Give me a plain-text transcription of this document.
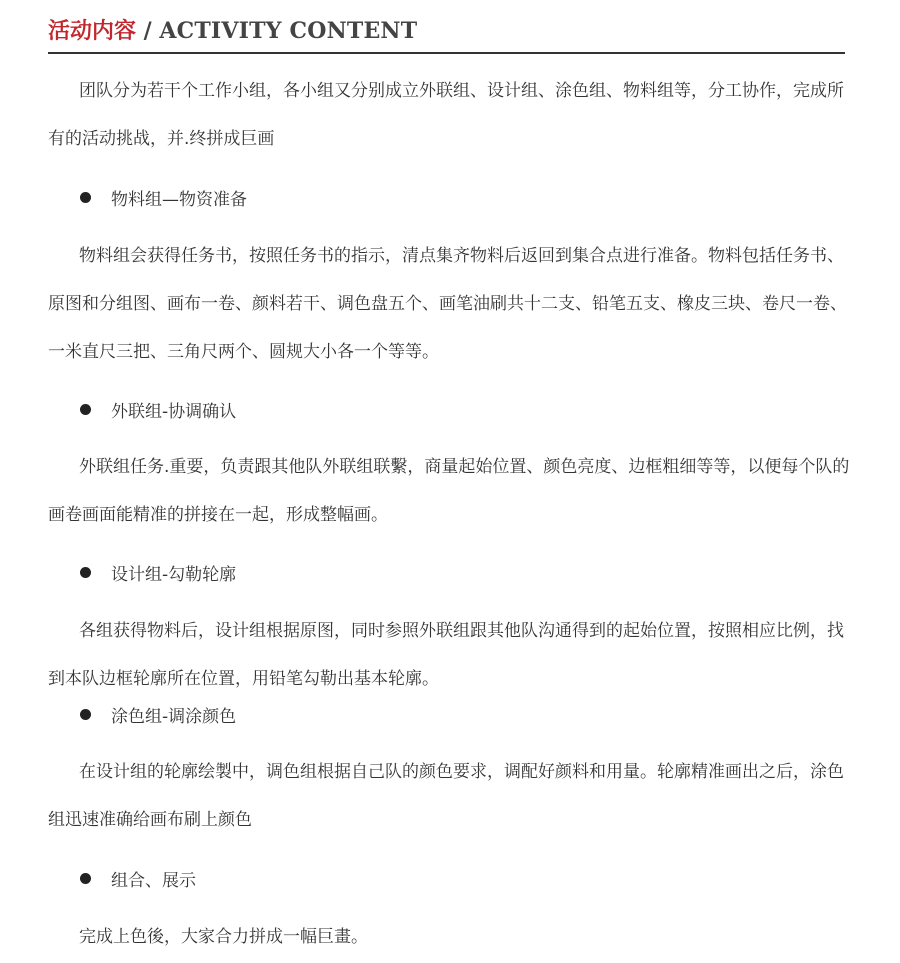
活动内容 / ACTIVITY CONTENT

团队分为若干个工作小组，各小组又分别成立外联组、设计组、涂色组、物料组等，分工协作，完成所有的活动挑战，并.终拼成巨画

物料组—物资准备

物料组会获得任务书，按照任务书的指示，清点集齐物料后返回到集合点进行准备。物料包括任务书、原图和分组图、画布一卷、颜料若干、调色盘五个、画笔油刷共十二支、铅笔五支、橡皮三块、卷尺一卷、一米直尺三把、三角尺两个、圆规大小各一个等等。

外联组-协调确认

外联组任务.重要，负责跟其他队外联组联繫，商量起始位置、颜色亮度、边框粗细等等，以便每个队的画卷画面能精准的拼接在一起，形成整幅画。

设计组-勾勒轮廓

各组获得物料后，设计组根据原图，同时参照外联组跟其他队沟通得到的起始位置，按照相应比例，找到本队边框轮廓所在位置，用铅笔勾勒出基本轮廓。

涂色组-调涂颜色

在设计组的轮廓绘製中，调色组根据自己队的颜色要求，调配好颜料和用量。轮廓精准画出之后，涂色组迅速准确给画布刷上颜色

组合、展示

完成上色後，大家合力拼成一幅巨畫。
